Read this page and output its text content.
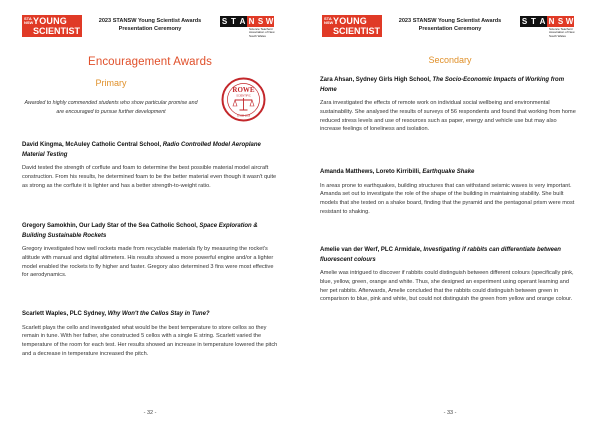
STA NSW YOUNG
SCIENTIST
2023 STANSW Young Scientist Awards
Presentation Ceremony
S T A N S W
Science Teachers' Association of New South Wales
Encouragement Awards
Primary
Awarded to highly commended students who show particular promise and are encouraged to pursue further development
ROWE
SCIENTIFIC
SINCE 1958
David Kingma, McAuley Catholic Central School, Radio Controlled Model Aeroplane Material Testing
David tested the strength of corflute and foam to determine the best possible material model aircraft construction. From his results, he determined foam to be the better material even though it wasn't quite as strong as the corflute it is lighter and has a better strength-to-weight ratio.
Gregory Samokhin, Our Lady Star of the Sea Catholic School, Space Exploration & Building Sustainable Rockets
Gregory investigated how well rockets made from recyclable materials fly by measuring the rocket's altitude with manual and digital altimeters. His results showed a more powerful engine and/or a lighter model enabled the rockets to fly higher and faster. Gregory also determined 3 fins were most effective for aerodynamics.
Scarlett Waples, PLC Sydney, Why Won't the Cellos Stay in Tune?
Scarlett plays the cello and investigated what would be the best temperature to store cellos so they remain in tune. With her father, she constructed 5 cellos with a single E string. Scarlett varied the temperature of the room for each test. Her results showed an increase in temperature lowered the pitch and a decrease in temperature increased the pitch.
- 32 -
STA NSW YOUNG
SCIENTIST
2023 STANSW Young Scientist Awards
Presentation Ceremony
S T A N S W
Science Teachers' Association of New South Wales
Secondary
Zara Ahsan, Sydney Girls High School, The Socio-Economic Impacts of Working from Home
Zara investigated the effects of remote work on individual social wellbeing and environmental sustainability. She analysed the results of surveys of 56 respondents and found that working from home reduced stress levels and use of resources such as paper, energy and vehicle use but may also increase feelings of loneliness and isolation.
Amanda Matthews, Loreto Kirribilli, Earthquake Shake
In areas prone to earthquakes, building structures that can withstand seismic waves is very important. Amanda set out to investigate the role of the shape of the building in maintaining stability. She built models that she tested on a shake board, finding that the pyramid and the pentagonal prism were most resistant to shaking.
Amelie van der Werf, PLC Armidale, Investigating if rabbits can differentiate between fluorescent colours
Amelie was intrigued to discover if rabbits could distinguish between different colours (specifically pink, blue, yellow, green, orange and white. Thus, she designed an experiment using operant learning and her pet rabbits. Afterwards, Amelie concluded that the rabbits could distinguish between green in comparison to blue, pink and white, but could not distinguish the green from yellow and orange colour.
- 33 -
